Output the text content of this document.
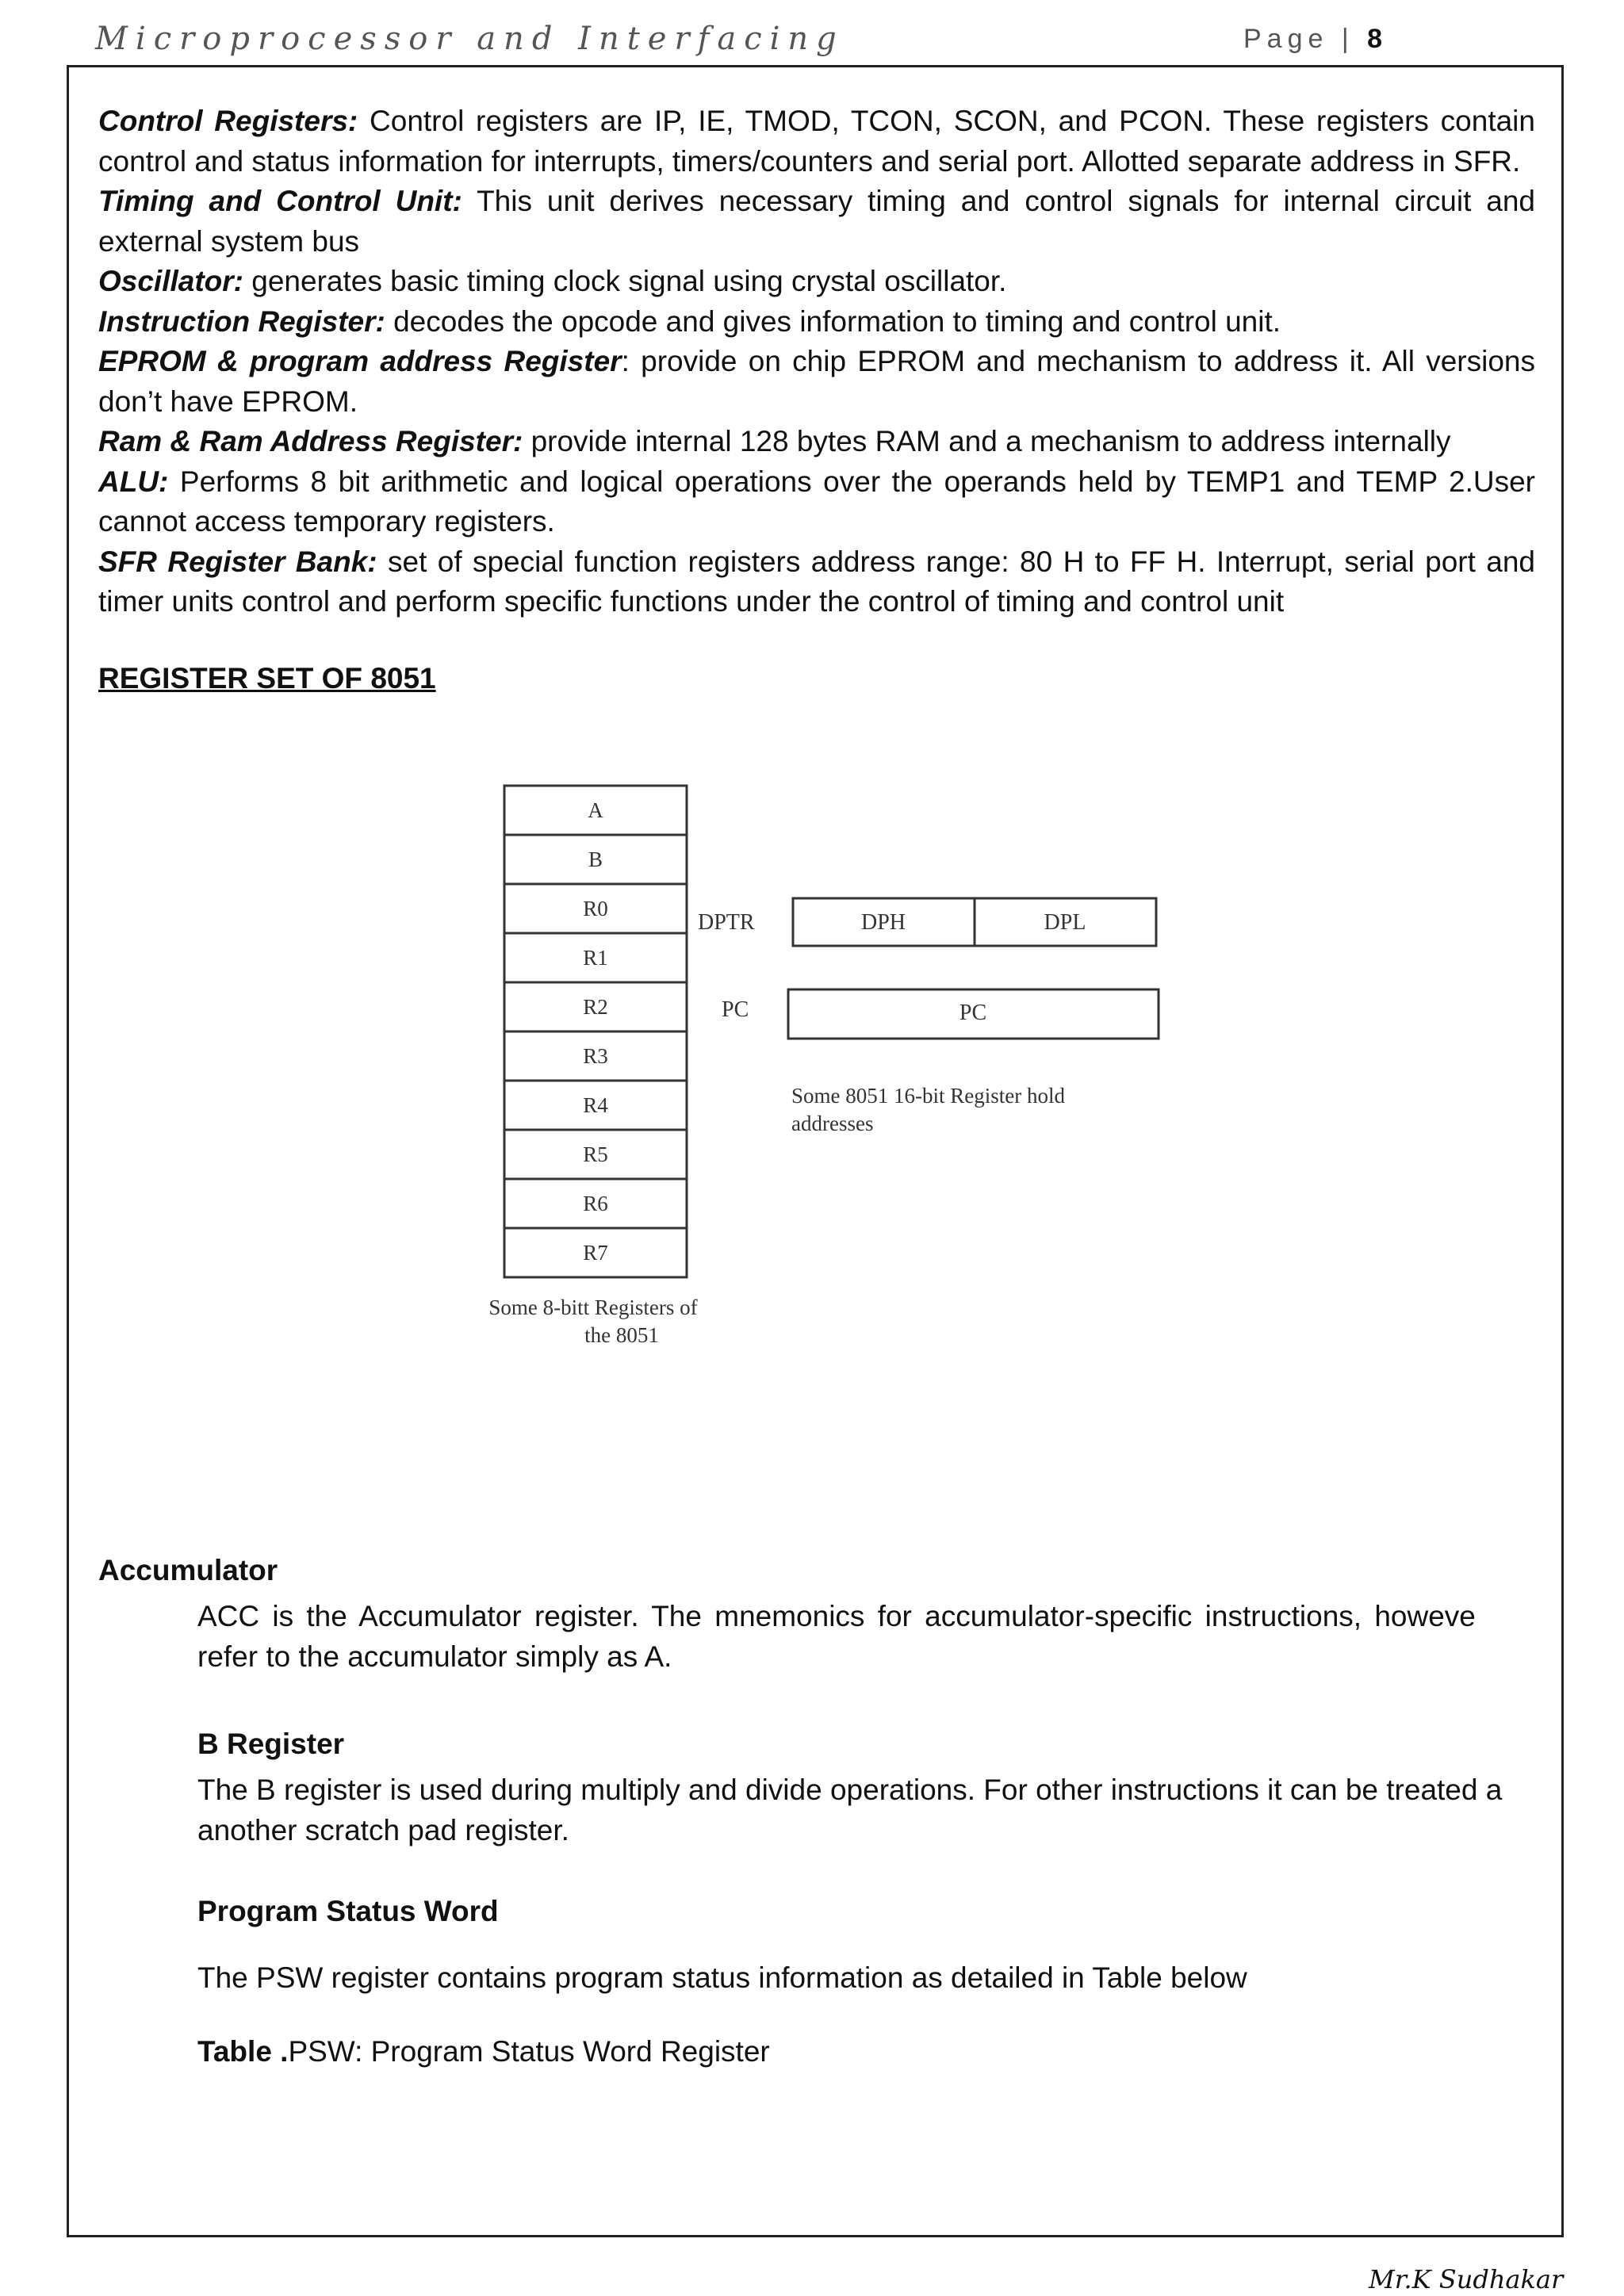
Microprocessor and Interfacing	Page | 8

Control Registers: Control registers are IP, IE, TMOD, TCON, SCON, and PCON. These registers contain control and status information for interrupts, timers/counters and serial port. Allotted separate address in SFR.

Timing and Control Unit: This unit derives necessary timing and control signals for internal circuit and external system bus

Oscillator: generates basic timing clock signal using crystal oscillator.

Instruction Register: decodes the opcode and gives information to timing and control unit.

EPROM & program address Register: provide on chip EPROM and mechanism to address it. All versions don’t have EPROM.

Ram & Ram Address Register: provide internal 128 bytes RAM and a mechanism to address internally

ALU: Performs 8 bit arithmetic and logical operations over the operands held by TEMP1 and TEMP 2.User cannot access temporary registers.

SFR Register Bank: set of special function registers address range: 80 H to FF H. Interrupt, serial port and timer units control and perform specific functions under the control of timing and control unit

REGISTER SET OF 8051
A
B
R0
R1
R2
R3
R4
R5
R6
R7
Some 8-bitt Registers of
the 8051
DPTR	DPH	DPL
PC	PC
Some 8051 16-bit Register hold
addresses
Accumulator
ACC is the Accumulator register. The mnemonics for accumulator-specific instructions, howeve
refer to the accumulator simply as A.
B Register
The B register is used during multiply and divide operations. For other instructions it can be treated a
another scratch pad register.
Program Status Word
The PSW register contains program status information as detailed in Table below
Table .PSW: Program Status Word Register
Mr.K Sudhakar
